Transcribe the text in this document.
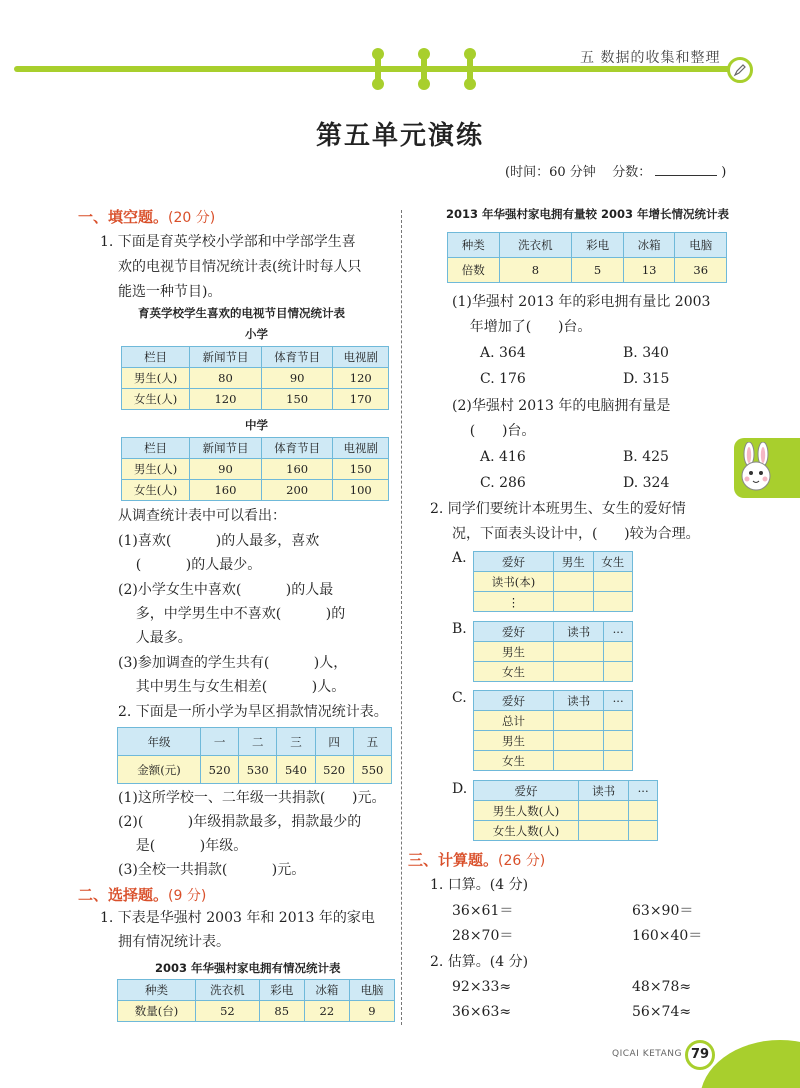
五 数据的收集和整理
第五单元演练
(时间：60 分钟 分数：	)
一、填空题。(20 分)
1. 下面是育英学校小学部和中学部学生喜
欢的电视节目情况统计表(统计时每人只
能选一种节目)。
育英学校学生喜欢的电视节目情况统计表
小学
栏目	新闻节目	体育节目	电视剧
男生(人)	80	90	120
女生(人)	120	150	170
中学
栏目	新闻节目	体育节目	电视剧
男生(人)	90	160	150
女生(人)	160	200	100
从调查统计表中可以看出：
(1)喜欢(          )的人最多，喜欢
(          )的人最少。
(2)小学女生中喜欢(          )的人最
多，中学男生中不喜欢(          )的
人最多。
(3)参加调查的学生共有(          )人，
其中男生与女生相差(          )人。
2. 下面是一所小学为旱区捐款情况统计表。
年级	一	二	三	四	五
金额(元)	520	530	540	520	550
(1)这所学校一、二年级一共捐款(      )元。
(2)(          )年级捐款最多，捐款最少的
是(          )年级。
(3)全校一共捐款(          )元。
二、选择题。(9 分)
1. 下表是华强村 2003 年和 2013 年的家电
拥有情况统计表。
2003 年华强村家电拥有情况统计表
种类	洗衣机	彩电	冰箱	电脑
数量(台)	52	85	22	9
2013 年华强村家电拥有量较 2003 年增长情况统计表
种类	洗衣机	彩电	冰箱	电脑
倍数	8	5	13	36
(1)华强村 2013 年的彩电拥有量比 2003
年增加了(      )台。
A. 364	B. 340
C. 176	D. 315
(2)华强村 2013 年的电脑拥有量是
(      )台。
A. 416	B. 425
C. 286	D. 324
2. 同学们要统计本班男生、女生的爱好情
况，下面表头设计中，(      )较为合理。
A.	爱好	男生	女生
读书(本)		
⋮		
B.	爱好	读书	···
男生		
女生		
C.	爱好	读书	···
总计		
男生		
女生		
D.	爱好	读书	···
男生人数(人)		
女生人数(人)		
三、计算题。(26 分)
1. 口算。(4 分)
36×61＝	63×90＝
28×70＝	160×40＝
2. 估算。(4 分)
92×33≈	48×78≈
36×63≈	56×74≈
QICAI KETANG 79
